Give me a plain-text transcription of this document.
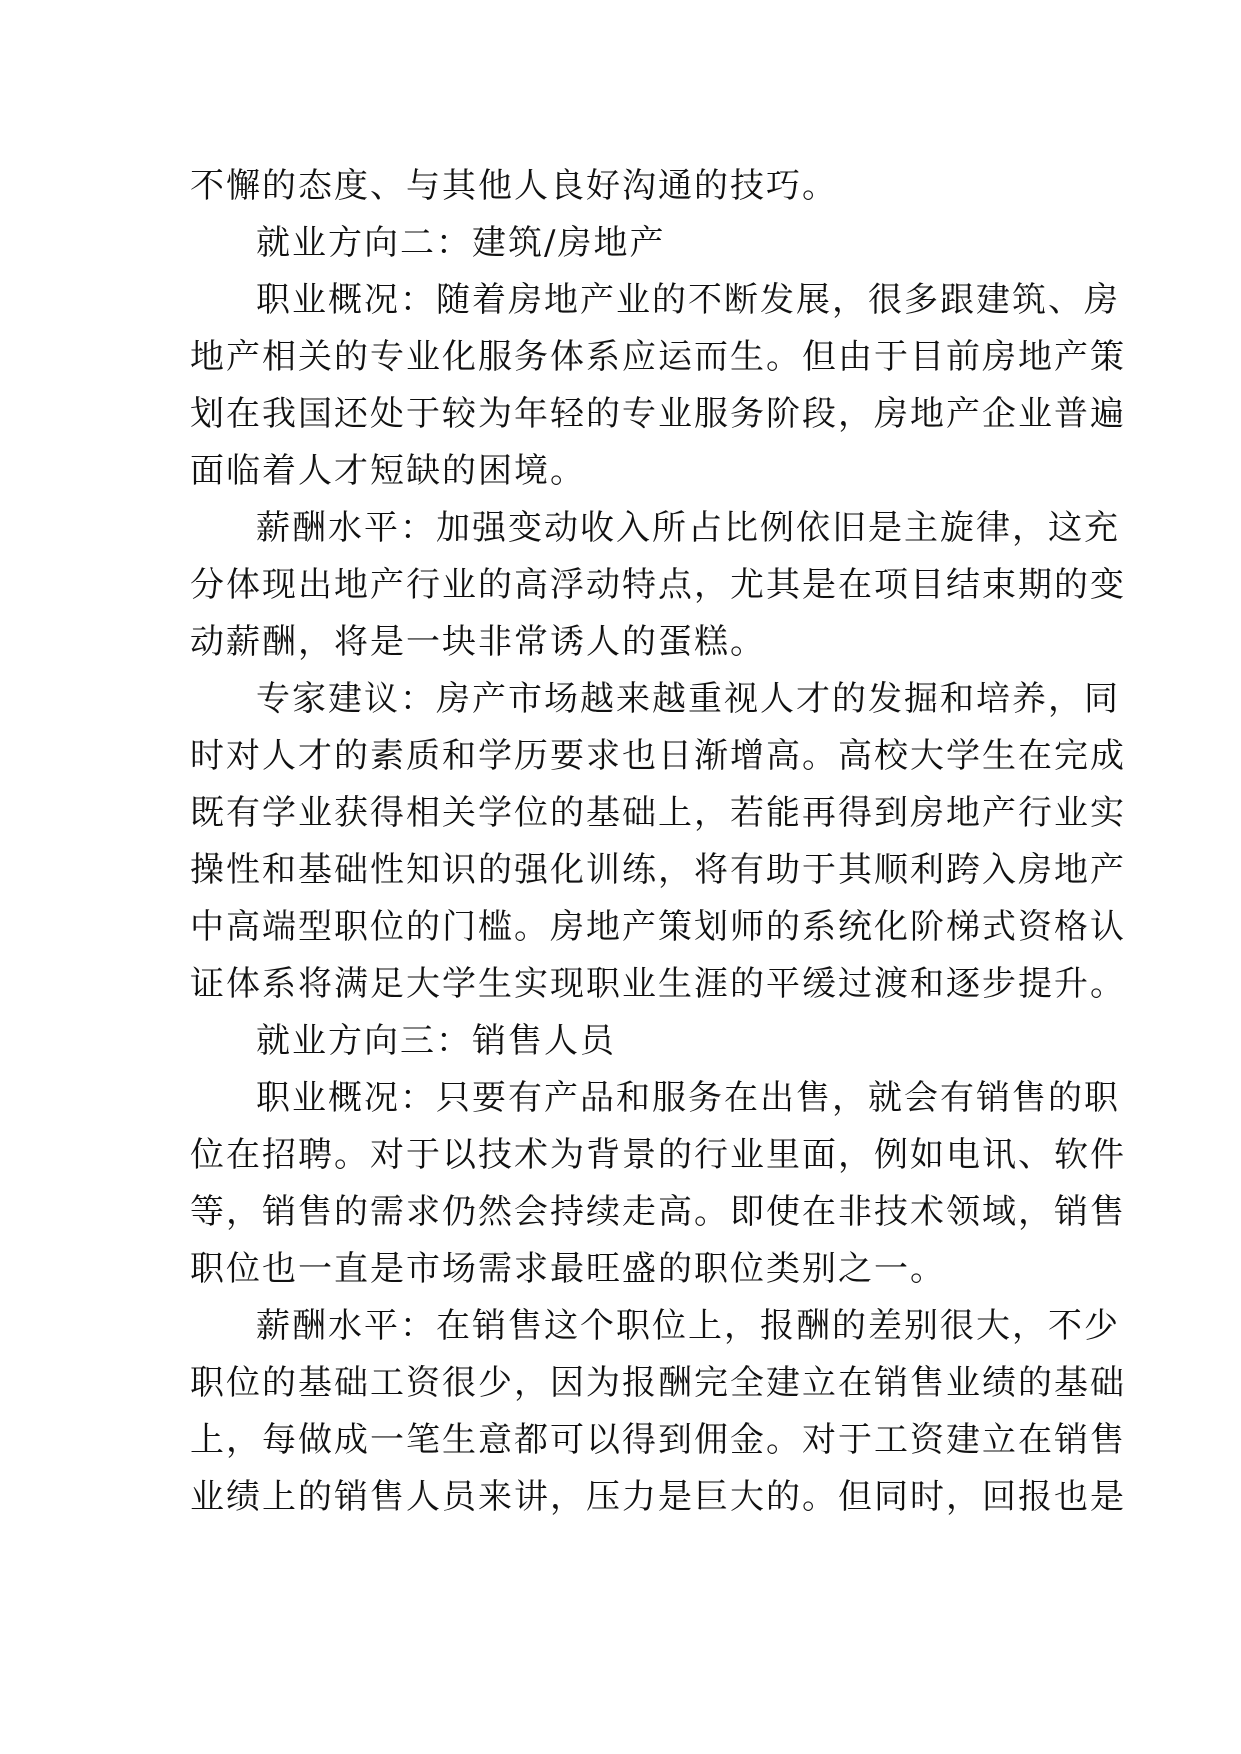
不懈的态度、与其他人良好沟通的技巧。
就业方向二：建筑/房地产
职业概况：随着房地产业的不断发展，很多跟建筑、房
地产相关的专业化服务体系应运而生。但由于目前房地产策
划在我国还处于较为年轻的专业服务阶段，房地产企业普遍
面临着人才短缺的困境。
薪酬水平：加强变动收入所占比例依旧是主旋律，这充
分体现出地产行业的高浮动特点，尤其是在项目结束期的变
动薪酬，将是一块非常诱人的蛋糕。
专家建议：房产市场越来越重视人才的发掘和培养，同
时对人才的素质和学历要求也日渐增高。高校大学生在完成
既有学业获得相关学位的基础上，若能再得到房地产行业实
操性和基础性知识的强化训练，将有助于其顺利跨入房地产
中高端型职位的门槛。房地产策划师的系统化阶梯式资格认
证体系将满足大学生实现职业生涯的平缓过渡和逐步提升。
就业方向三：销售人员
职业概况：只要有产品和服务在出售，就会有销售的职
位在招聘。对于以技术为背景的行业里面，例如电讯、软件
等，销售的需求仍然会持续走高。即使在非技术领域，销售
职位也一直是市场需求最旺盛的职位类别之一。
薪酬水平：在销售这个职位上，报酬的差别很大，不少
职位的基础工资很少，因为报酬完全建立在销售业绩的基础
上，每做成一笔生意都可以得到佣金。对于工资建立在销售
业绩上的销售人员来讲，压力是巨大的。但同时，回报也是
